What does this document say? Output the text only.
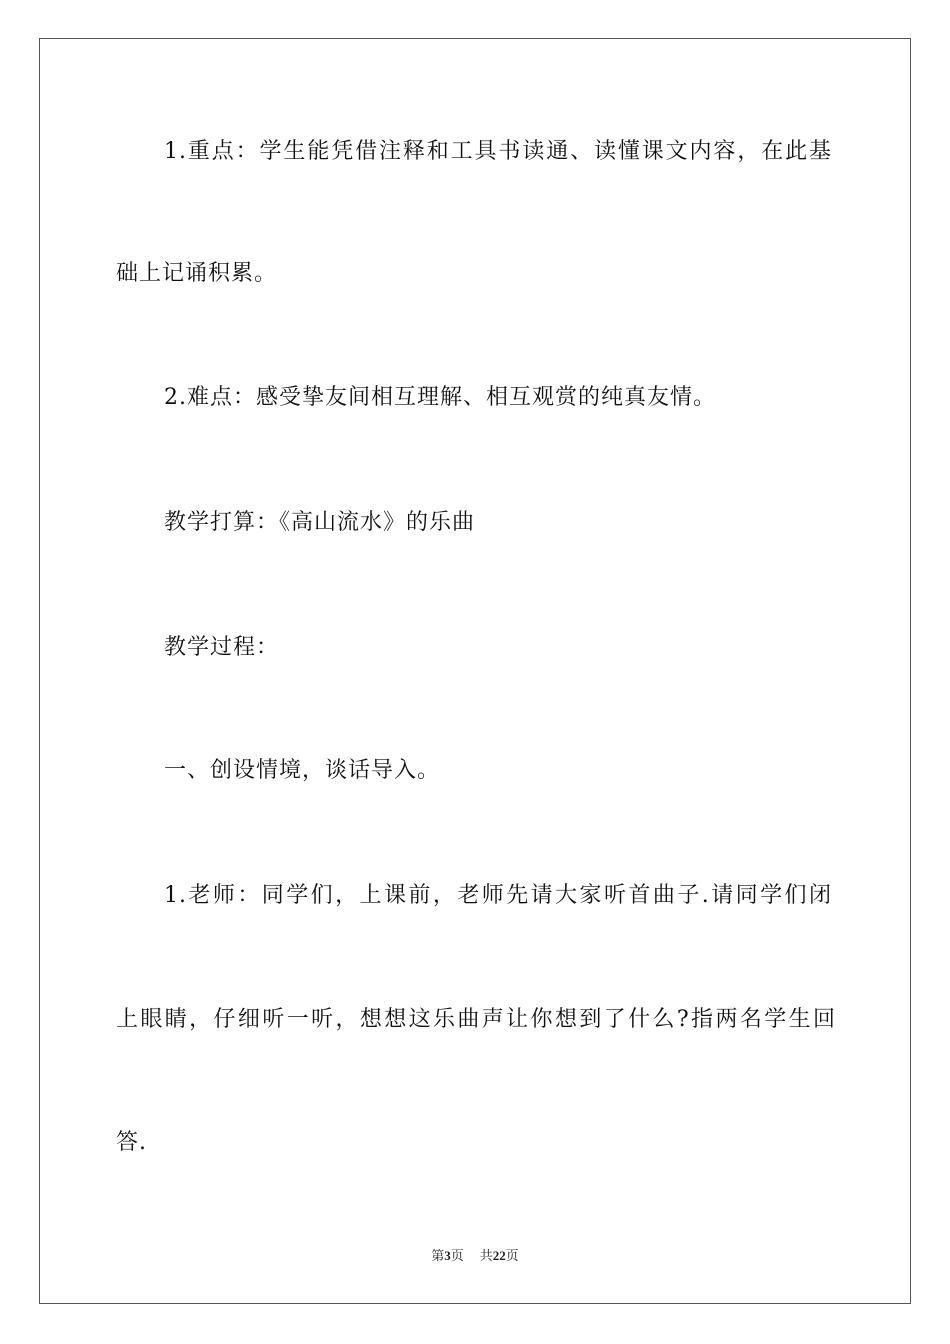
1.重点：学生能凭借注释和工具书读通、读懂课文内容，在此基
础上记诵积累。
2.难点：感受挚友间相互理解、相互观赏的纯真友情。
教学打算：《高山流水》的乐曲
教学过程：
一、创设情境，谈话导入。
1.老师：同学们，上课前，老师先请大家听首曲子.请同学们闭
上眼睛，仔细听一听，想想这乐曲声让你想到了什么?指两名学生回
答.
第3页 共22页
